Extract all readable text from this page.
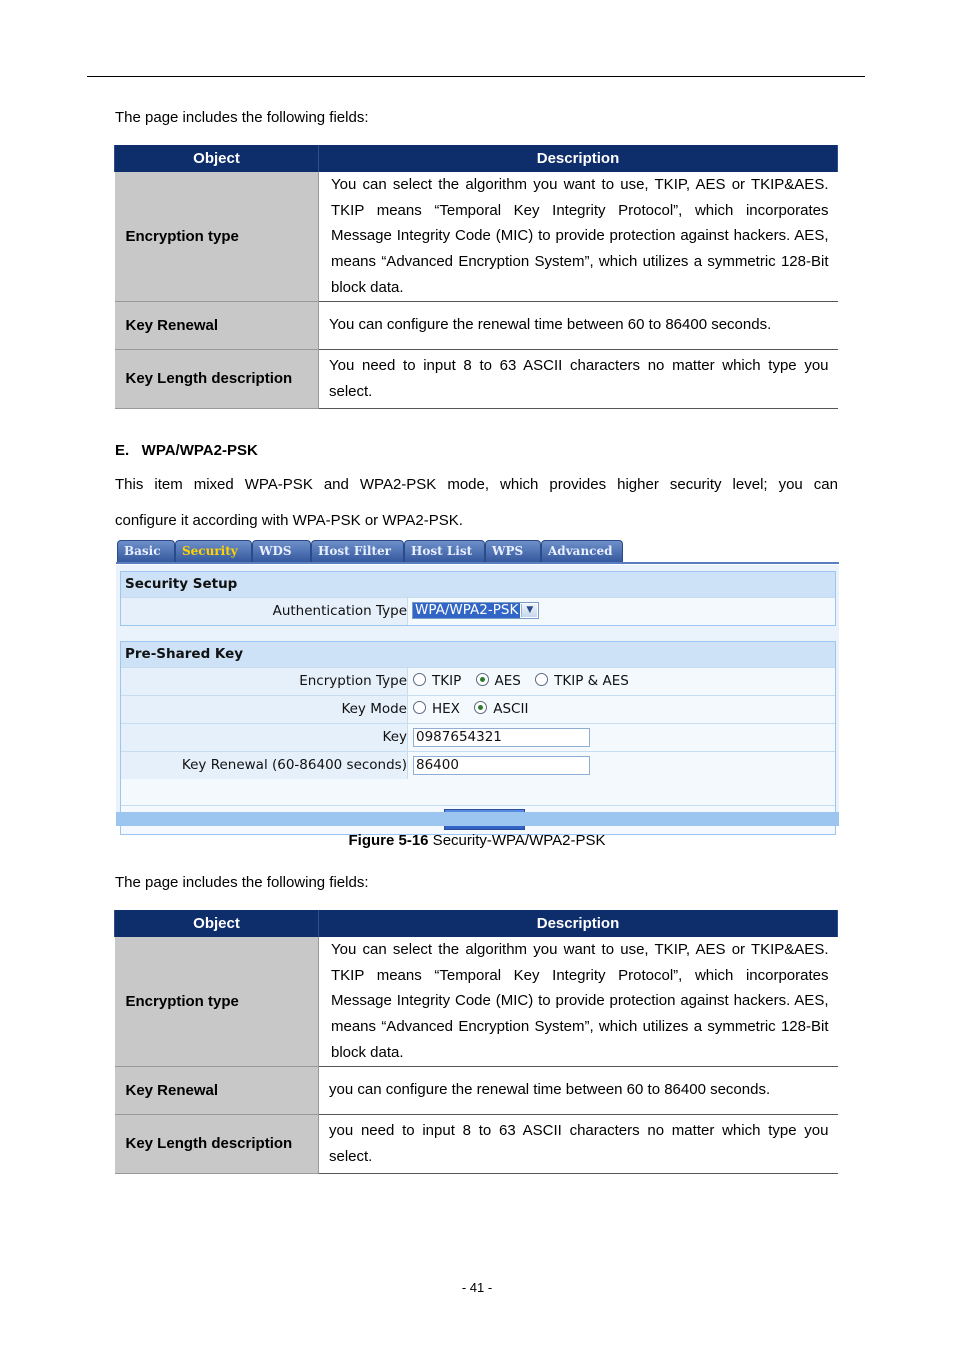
The page includes the following fields:

Object	Description
Encryption type	You can select the algorithm you want to use, TKIP, AES or TKIP&AES. TKIP means “Temporal Key Integrity Protocol”, which incorporates Message Integrity Code (MIC) to provide protection against hackers. AES, means “Advanced Encryption System”, which utilizes a symmetric 128-Bit block data.
Key Renewal	You can configure the renewal time between 60 to 86400 seconds.
Key Length description	You need to input 8 to 63 ASCII characters no matter which type you select.

E.   WPA/WPA2-PSK

This item mixed WPA-PSK and WPA2-PSK mode, which provides higher security level; you can

configure it according with WPA-PSK or WPA2-PSK.

Basic	Security	WDS	Host Filter	Host List	WPS	Advanced
Security Setup
Authentication Type WPA/WPA2-PSK ▼
Pre-Shared Key
Encryption Type	TKIP AES TKIP & AES
Key Mode	HEX ASCII
Key 0987654321
Key Renewal (60-86400 seconds) 86400

Figure 5-16 Security-WPA/WPA2-PSK

The page includes the following fields:

Object	Description
Encryption type	You can select the algorithm you want to use, TKIP, AES or TKIP&AES. TKIP means “Temporal Key Integrity Protocol”, which incorporates Message Integrity Code (MIC) to provide protection against hackers. AES, means “Advanced Encryption System”, which utilizes a symmetric 128-Bit block data.
Key Renewal	you can configure the renewal time between 60 to 86400 seconds.
Key Length description	you need to input 8 to 63 ASCII characters no matter which type you select.

- 41 -
